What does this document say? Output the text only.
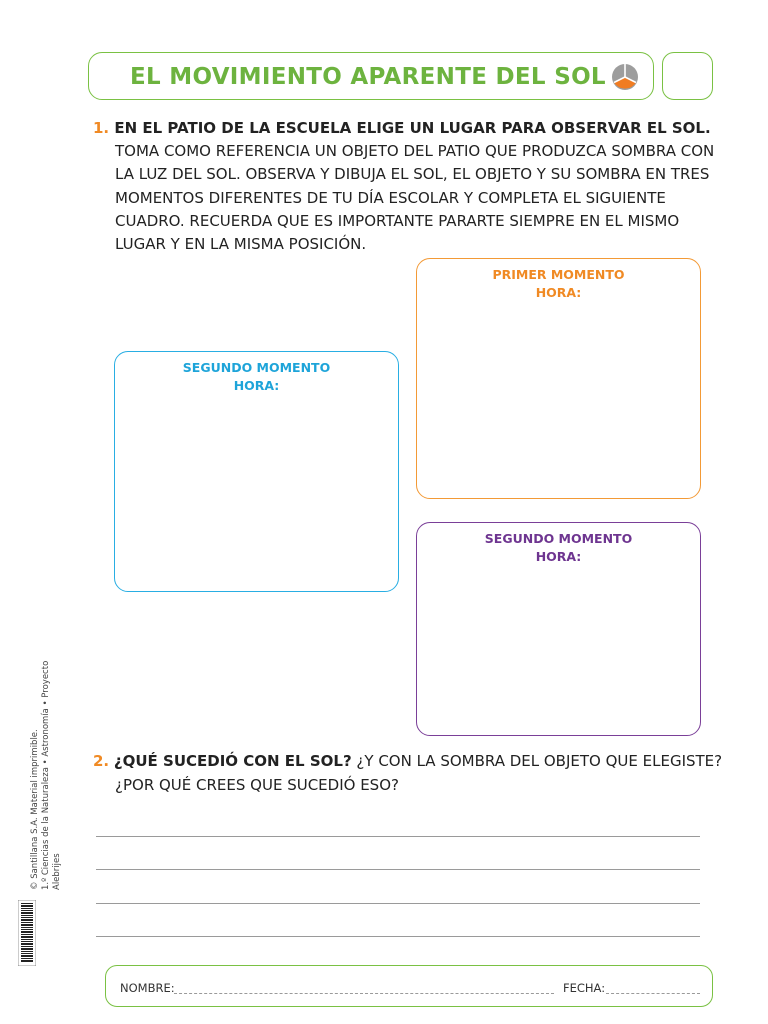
EL MOVIMIENTO APARENTE DEL SOL
1. EN EL PATIO DE LA ESCUELA ELIGE UN LUGAR PARA OBSERVAR EL SOL.
TOMA COMO REFERENCIA UN OBJETO DEL PATIO QUE PRODUZCA SOMBRA CON
LA LUZ DEL SOL. OBSERVA Y DIBUJA EL SOL, EL OBJETO Y SU SOMBRA EN TRES
MOMENTOS DIFERENTES DE TU DÍA ESCOLAR Y COMPLETA EL SIGUIENTE
CUADRO. RECUERDA QUE ES IMPORTANTE PARARTE SIEMPRE EN EL MISMO
LUGAR Y EN LA MISMA POSICIÓN.
PRIMER MOMENTO
HORA:
SEGUNDO MOMENTO
HORA:
SEGUNDO MOMENTO
HORA:
2. ¿QUÉ SUCEDIÓ CON EL SOL? ¿Y CON LA SOMBRA DEL OBJETO QUE ELEGISTE?
¿POR QUÉ CREES QUE SUCEDIÓ ESO?
NOMBRE:	FECHA:
© Santillana S.A. Material imprimible. 1.º Ciencias de la Naturaleza • Astronomía • Proyecto Alebrijes
